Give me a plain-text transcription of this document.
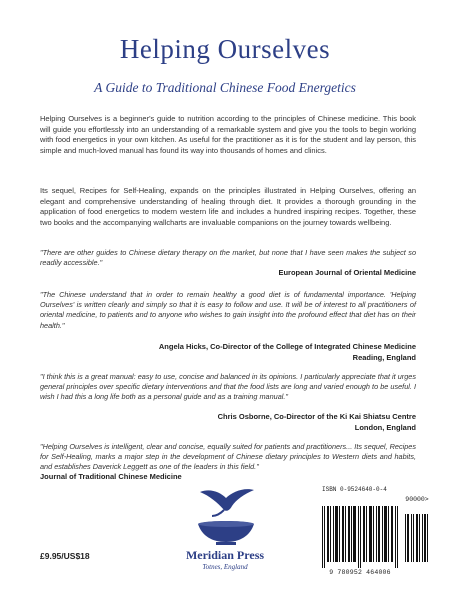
Helping Ourselves
A Guide to Traditional Chinese Food Energetics
Helping Ourselves is a beginner's guide to nutrition according to the principles of Chinese medicine. This book will guide you effortlessly into an understanding of a remarkable system and give you the tools to begin working with food energetics in your own kitchen. As useful for the practitioner as it is for the student and lay person, this simple and much-loved manual has found its way into thousands of homes and clinics.
Its sequel, Recipes for Self-Healing, expands on the principles illustrated in Helping Ourselves, offering an elegant and comprehensive understanding of healing through diet. It provides a thorough grounding in the application of food energetics to modern western life and includes a hundred inspiring recipes. Together, these two books and the accompanying wallcharts are invaluable companions on the journey towards wellbeing.
"There are other guides to Chinese dietary therapy on the market, but none that I have seen makes the subject so readily accessible."
European Journal of Oriental Medicine
"The Chinese understand that in order to remain healthy a good diet is of fundamental importance. 'Helping Ourselves' is written clearly and simply so that it is easy to follow and use. It will be of interest to all practitioners of oriental medicine, to patients and to anyone who wishes to gain insight into the profound effect that diet has on their health."
Angela Hicks, Co-Director of the College of Integrated Chinese Medicine
Reading, England
"I think this is a great manual: easy to use, concise and balanced in its opinions. I particularly appreciate that it urges general principles over specific dietary interventions and that the food lists are long and varied enough to be useful. I wish I had this a long life both as a personal guide and as a training manual."
Chris Osborne, Co-Director of the Ki Kai Shiatsu Centre
London, England
"Helping Ourselves is intelligent, clear and concise, equally suited for patients and practitioners... Its sequel, Recipes for Self-Healing, marks a major step in the development of Chinese dietary principles to Western diets and habits, and establishes Daverick Leggett as one of the leaders in this field."
Journal of Traditional Chinese Medicine
Meridian Press
Totnes, England
£9.95/US$18
ISBN 0-9524640-0-4
90000>
9 780952 464006
